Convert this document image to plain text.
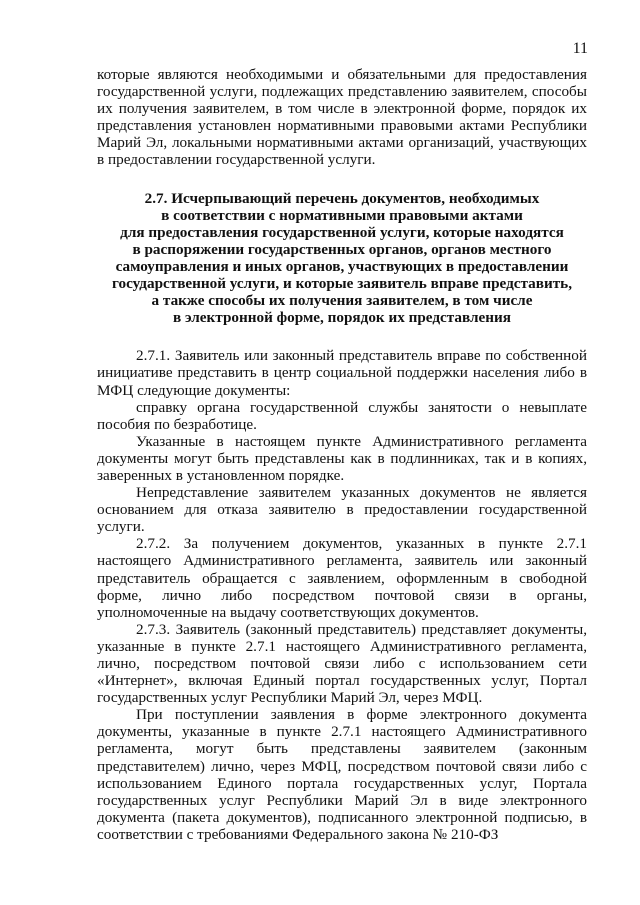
11

которые являются необходимыми и обязательными для предоставления государственной услуги, подлежащих представлению заявителем, способы их получения заявителем, в том числе в электронной форме, порядок их представления установлен нормативными правовыми актами Республики Марий Эл, локальными нормативными актами организаций, участвующих в предоставлении государственной услуги.

2.7. Исчерпывающий перечень документов, необходимых
в соответствии с нормативными правовыми актами
для предоставления государственной услуги, которые находятся
в распоряжении государственных органов, органов местного
самоуправления и иных органов, участвующих в предоставлении
государственной услуги, и которые заявитель вправе представить,
а также способы их получения заявителем, в том числе
в электронной форме, порядок их представления

2.7.1. Заявитель или законный представитель вправе по собственной инициативе представить в центр социальной поддержки населения либо в МФЦ следующие документы:

справку органа государственной службы занятости о невыплате пособия по безработице.

Указанные в настоящем пункте Административного регламента документы могут быть представлены как в подлинниках, так и в копиях, заверенных в установленном порядке.

Непредставление заявителем указанных документов не является основанием для отказа заявителю в предоставлении государственной услуги.

2.7.2. За получением документов, указанных в пункте 2.7.1 настоящего Административного регламента, заявитель или законный представитель обращается с заявлением, оформленным в свободной форме, лично либо посредством почтовой связи в органы, уполномоченные на выдачу соответствующих документов.

2.7.3. Заявитель (законный представитель) представляет документы, указанные в пункте 2.7.1 настоящего Административного регламента, лично, посредством почтовой связи либо с использованием сети «Интернет», включая Единый портал государственных услуг, Портал государственных услуг Республики Марий Эл, через МФЦ.

При поступлении заявления в форме электронного документа документы, указанные в пункте 2.7.1 настоящего Административного регламента, могут быть представлены заявителем (законным представителем) лично, через МФЦ, посредством почтовой связи либо с использованием Единого портала государственных услуг, Портала государственных услуг Республики Марий Эл в виде электронного документа (пакета документов), подписанного электронной подписью, в соответствии с требованиями Федерального закона № 210-ФЗ
